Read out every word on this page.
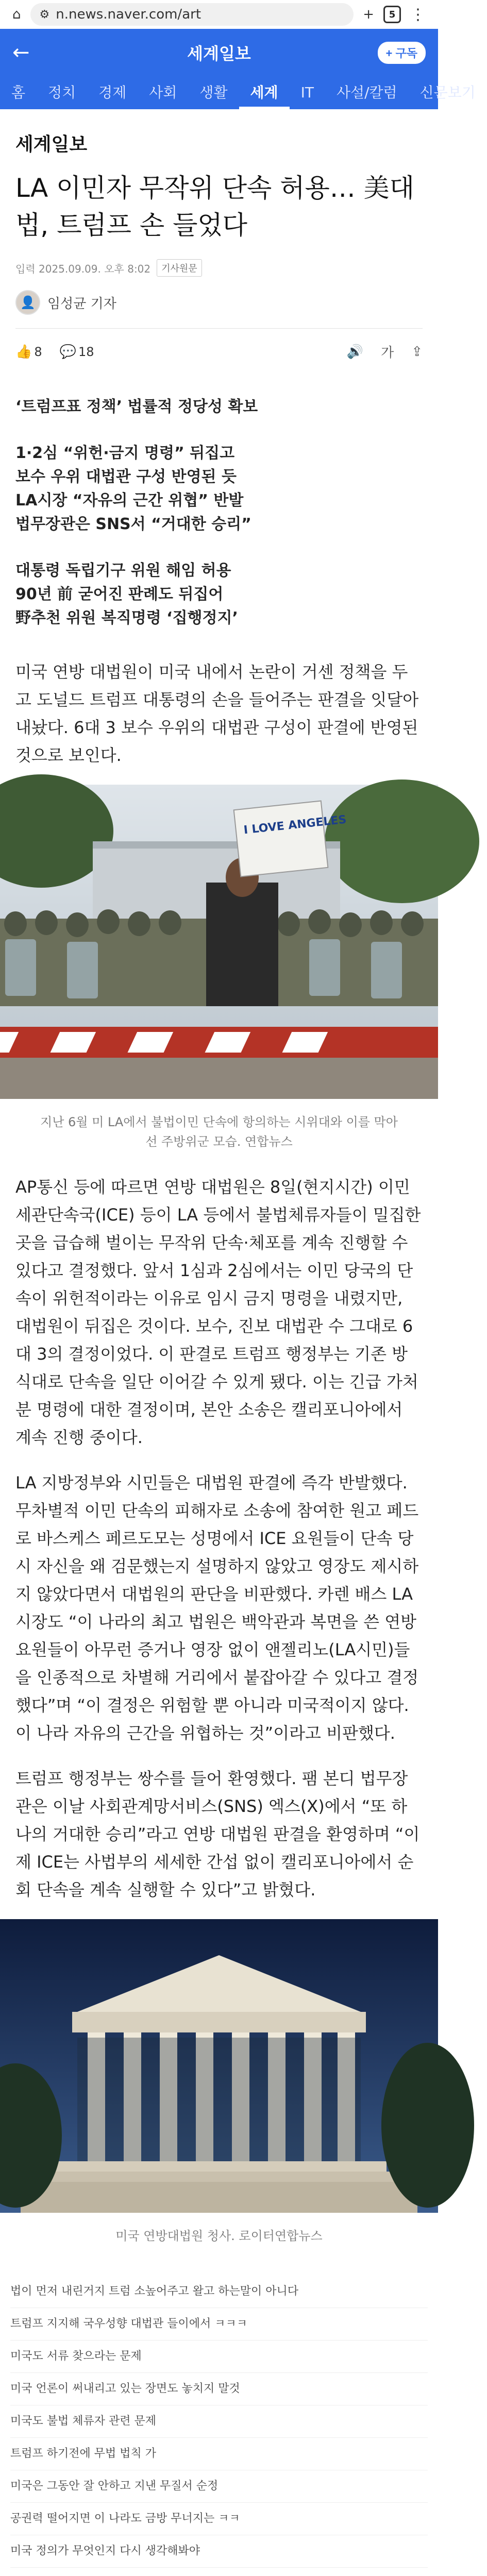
⌂ ⚙ n.news.naver.com/art	+	5 ⋮
←	세계일보	+ 구독
홈	정치	경제	사회	생활	세계	IT	사설/칼럼	신문보기
세계일보
LA 이민자 무작위 단속 허용… 美대법, 트럼프 손 들었다
입력 2025.09.09. 오후 8:02	기사원문
👤 임성균 기자
👍 8 💬 18	🔊 가 ⇪
‘트럼프표 정책’ 법률적 정당성 확보
1·2심 “위헌·금지 명령” 뒤집고
보수 우위 대법관 구성 반영된 듯
LA시장 “자유의 근간 위협” 반발
법무장관은 SNS서 “거대한 승리”
대통령 독립기구 위원 해임 허용
90년 前 굳어진 판례도 뒤집어
野추천 위원 복직명령 ‘집행정지’

미국 연방 대법원이 미국 내에서 논란이 거센 정책을 두고 도널드 트럼프 대통령의 손을 들어주는 판결을 잇달아 내놨다. 6대 3 보수 우위의 대법관 구성이 판결에 반영된 것으로 보인다.

I LOVE ANGELES
지난 6월 미 LA에서 불법이민 단속에 항의하는 시위대와 이를 막아선 주방위군 모습. 연합뉴스

AP통신 등에 따르면 연방 대법원은 8일(현지시간) 이민세관단속국(ICE) 등이 LA 등에서 불법체류자들이 밀집한 곳을 급습해 벌이는 무작위 단속·체포를 계속 진행할 수 있다고 결정했다. 앞서 1심과 2심에서는 이민 당국의 단속이 위헌적이라는 이유로 임시 금지 명령을 내렸지만, 대법원이 뒤집은 것이다. 보수, 진보 대법관 수 그대로 6대 3의 결정이었다. 이 판결로 트럼프 행정부는 기존 방식대로 단속을 일단 이어갈 수 있게 됐다. 이는 긴급 가처분 명령에 대한 결정이며, 본안 소송은 캘리포니아에서 계속 진행 중이다.

LA 지방정부와 시민들은 대법원 판결에 즉각 반발했다. 무차별적 이민 단속의 피해자로 소송에 참여한 원고 페드로 바스케스 페르도모는 성명에서 ICE 요원들이 단속 당시 자신을 왜 검문했는지 설명하지 않았고 영장도 제시하지 않았다면서 대법원의 판단을 비판했다. 카렌 배스 LA 시장도 “이 나라의 최고 법원은 백악관과 복면을 쓴 연방 요원들이 아무런 증거나 영장 없이 앤젤리노(LA시민)들을 인종적으로 차별해 거리에서 붙잡아갈 수 있다고 결정했다”며 “이 결정은 위험할 뿐 아니라 미국적이지 않다. 이 나라 자유의 근간을 위협하는 것”이라고 비판했다.

트럼프 행정부는 쌍수를 들어 환영했다. 팸 본디 법무장관은 이날 사회관계망서비스(SNS) 엑스(X)에서 “또 하나의 거대한 승리”라고 연방 대법원 판결을 환영하며 “이제 ICE는 사법부의 세세한 간섭 없이 캘리포니아에서 순회 단속을 계속 실행할 수 있다”고 밝혔다.

미국 연방대법원 청사. 로이터연합뉴스
법이 먼저 내린거지 트럼 소높어주고 왈고 하는말이 아니다
트럼프 지지해 국우성향 대법관 들이에서 ㅋㅋㅋ
미국도 서류 찾으라는 문제
미국 언론이 써내리고 있는 장면도 놓치지 말것
미국도 불법 체류자 관련 문제
트럼프 하기전에 무법 법칙 가
미국은 그동안 잘 안하고 지낸 무질서 순정
공권력 떨어지면 이 나라도 금방 무너지는 ㅋㅋ
미국 정의가 무엇인지 다시 생각해봐야
